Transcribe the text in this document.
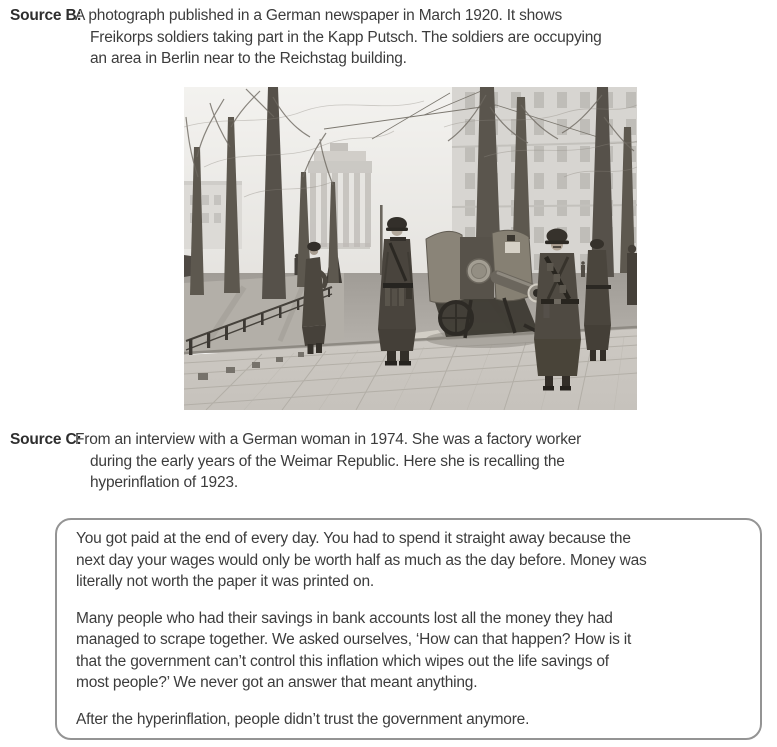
Source B:
A photograph published in a German newspaper in March 1920. It shows
Freikorps soldiers taking part in the Kapp Putsch. The soldiers are occupying
an area in Berlin near to the Reichstag building.
Source C:
From an interview with a German woman in 1974. She was a factory worker
during the early years of the Weimar Republic. Here she is recalling the
hyperinflation of 1923.
You got paid at the end of every day. You had to spend it straight away because the
next day your wages would only be worth half as much as the day before. Money was
literally not worth the paper it was printed on.
Many people who had their savings in bank accounts lost all the money they had
managed to scrape together. We asked ourselves, ‘How can that happen? How is it
that the government can’t control this inflation which wipes out the life savings of
most people?’ We never got an answer that meant anything.
After the hyperinflation, people didn’t trust the government anymore.
